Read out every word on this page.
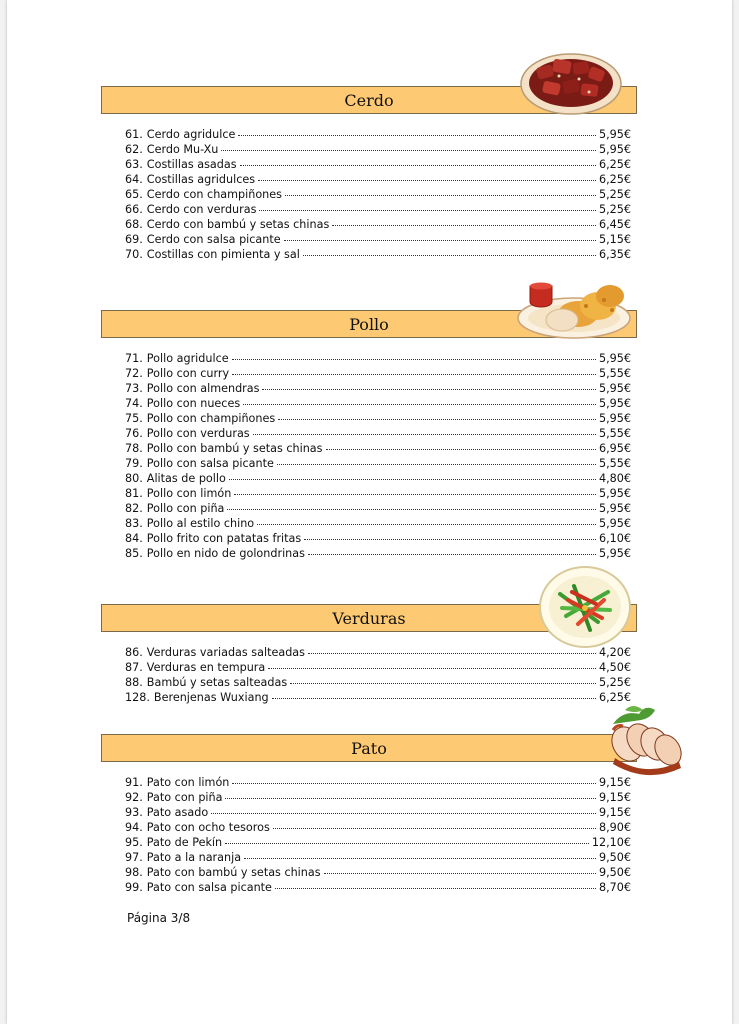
Cerdo
61. Cerdo agridulce	5,95€
62. Cerdo Mu-Xu	5,95€
63. Costillas asadas	6,25€
64. Costillas agridulces	6,25€
65. Cerdo con champiñones	5,25€
66. Cerdo con verduras	5,25€
68. Cerdo con bambú y setas chinas	6,45€
69. Cerdo con salsa picante	5,15€
70. Costillas con pimienta y sal	6,35€
Pollo
71. Pollo agridulce	5,95€
72. Pollo con curry	5,55€
73. Pollo con almendras	5,95€
74. Pollo con nueces	5,95€
75. Pollo con champiñones	5,95€
76. Pollo con verduras	5,55€
78. Pollo con bambú y setas chinas	6,95€
79. Pollo con salsa picante	5,55€
80. Alitas de pollo	4,80€
81. Pollo con limón	5,95€
82. Pollo con piña	5,95€
83. Pollo al estilo chino	5,95€
84. Pollo frito con patatas fritas	6,10€
85. Pollo en nido de golondrinas	5,95€
Verduras
86. Verduras variadas salteadas	4,20€
87. Verduras en tempura	4,50€
88. Bambú y setas salteadas	5,25€
128. Berenjenas Wuxiang	6,25€
Pato
91. Pato con limón	9,15€
92. Pato con piña	9,15€
93. Pato asado	9,15€
94. Pato con ocho tesoros	8,90€
95. Pato de Pekín	12,10€
97. Pato a la naranja	9,50€
98. Pato con bambú y setas chinas	9,50€
99. Pato con salsa picante	8,70€
Página 3/8
